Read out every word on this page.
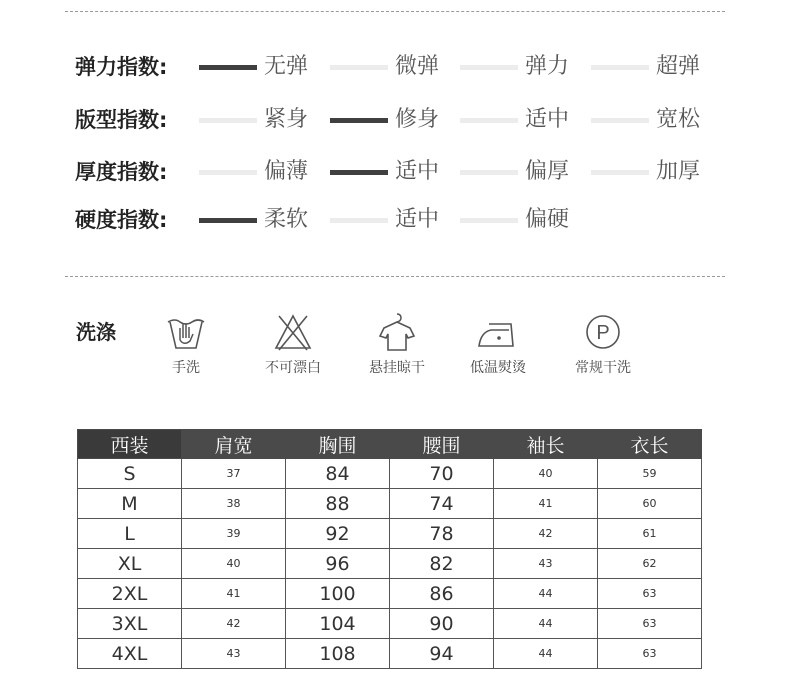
弹力指数:	无弹	微弹	弹力	超弹
版型指数:	紧身	修身	适中	宽松
厚度指数:	偏薄	适中	偏厚	加厚
硬度指数:	柔软	适中	偏硬
洗涤
手洗	不可漂白	悬挂晾干	低温熨烫
P
常规干洗
西装	肩宽	胸围	腰围	袖长	衣长
S	37	84	70	40	59
M	38	88	74	41	60
L	39	92	78	42	61
XL	40	96	82	43	62
2XL	41	100	86	44	63
3XL	42	104	90	44	63
4XL	43	108	94	44	63
